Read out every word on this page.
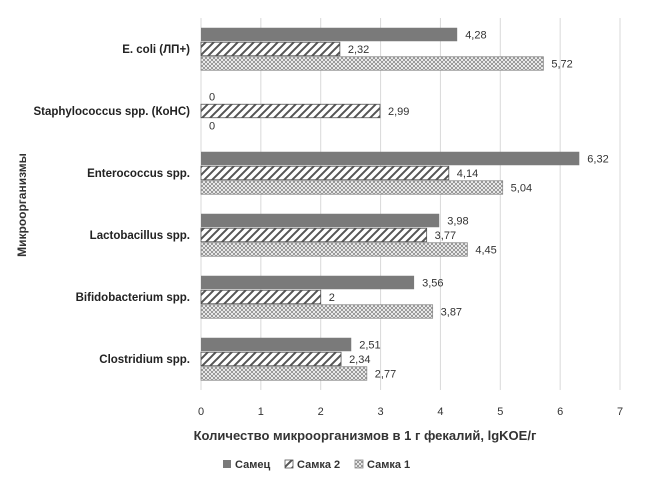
2,51
2,34
2,77
3,56
2
3,87
3,98
3,77
4,45
6,32
4,14
5,04
0
2,99
0
4,28
2,32
5,72
Clostridium spp.
Bifidobacterium spp.
Lactobacillus spp.
Enterococcus spp.
Staphylococcus spp. (КоНС)
E. coli (ЛП+)
0	1	2	3	4	5	6	7
Количество микроорганизмов в 1 г фекалий, lgKOE/г
Микроорганизмы
Самец Самка 2 Самка 1
